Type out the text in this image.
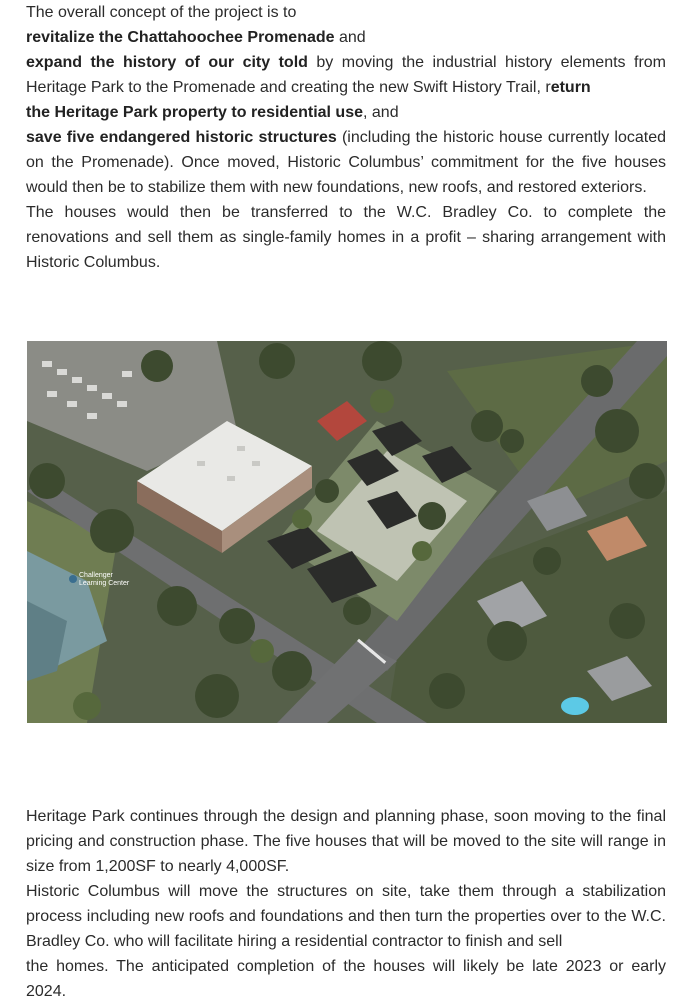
The overall concept of the project is to
revitalize the Chattahoochee Promenade and
expand the history of our city told by moving the industrial history elements from
Heritage Park to the Promenade and creating the new Swift History Trail, return
the Heritage Park property to residential use, and
save five endangered historic structures (including the historic house currently located
on the Promenade). Once moved, Historic Columbus’ commitment for the five houses
would then be to stabilize them with new foundations, new roofs, and restored exteriors.
The houses would then be transferred to the W.C. Bradley Co. to complete the
renovations and sell them as single-family homes in a profit – sharing arrangement with
Historic Columbus.
Challenger
Learning Center
Heritage Park continues through the design and planning phase, soon moving to the final
pricing and construction phase. The five houses that will be moved to the site will range in
size from 1,200SF to nearly 4,000SF.
Historic Columbus will move the structures on site, take them through a stabilization
process including new roofs and foundations and then turn the properties over to the W.C.
Bradley Co. who will facilitate hiring a residential contractor to finish and sell
the homes. The anticipated completion of the houses will likely be late 2023 or early
2024.
